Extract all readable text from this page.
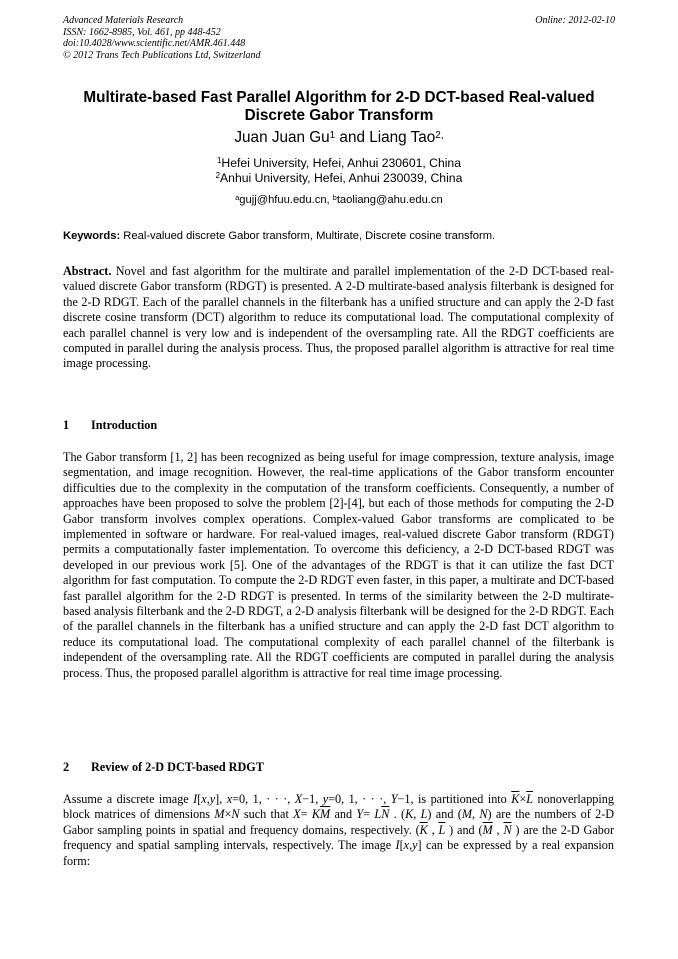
Advanced Materials Research
ISSN: 1662-8985, Vol. 461, pp 448-452
doi:10.4028/www.scientific.net/AMR.461.448
© 2012 Trans Tech Publications Ltd, Switzerland
Online: 2012-02-10
Multirate-based Fast Parallel Algorithm for 2-D DCT-based Real-valued Discrete Gabor Transform
Juan Juan Gu$^1$ and Liang Tao$^{2,}$
$^1$Hefei University, Hefei, Anhui 230601, China
$^2$Anhui University, Hefei, Anhui 230039, China
$^a$gujj@hfuu.edu.cn, $^b$taoliang@ahu.edu.cn
Keywords: Real-valued discrete Gabor transform, Multirate, Discrete cosine transform.
Abstract. Novel and fast algorithm for the multirate and parallel implementation of the 2-D DCT-based real-valued discrete Gabor transform (RDGT) is presented. A 2-D multirate-based analysis filterbank is designed for the 2-D RDGT. Each of the parallel channels in the filterbank has a unified structure and can apply the 2-D fast discrete cosine transform (DCT) algorithm to reduce its computational load. The computational complexity of each parallel channel is very low and is independent of the oversampling rate. All the RDGT coefficients are computed in parallel during the analysis process. Thus, the proposed parallel algorithm is attractive for real time image processing.
1 Introduction
The Gabor transform [1, 2] has been recognized as being useful for image compression, texture analysis, image segmentation, and image recognition. However, the real-time applications of the Gabor transform encounter difficulties due to the complexity in the computation of the transform coefficients. Consequently, a number of approaches have been proposed to solve the problem [2]-[4], but each of those methods for computing the 2-D Gabor transform involves complex operations. Complex-valued Gabor transforms are complicated to be implemented in software or hardware. For real-valued images, real-valued discrete Gabor transform (RDGT) permits a computationally faster implementation. To overcome this deficiency, a 2-D DCT-based RDGT was developed in our previous work [5]. One of the advantages of the RDGT is that it can utilize the fast DCT algorithm for fast computation. To compute the 2-D RDGT even faster, in this paper, a multirate and DCT-based fast parallel algorithm for the 2-D RDGT is presented. In terms of the similarity between the 2-D multirate-based analysis filterbank and the 2-D RDGT, a 2-D analysis filterbank will be designed for the 2-D RDGT. Each of the parallel channels in the filterbank has a unified structure and can apply the 2-D fast DCT algorithm to reduce its computational load. The computational complexity of each parallel channel of the filterbank is independent of the oversampling rate. All the RDGT coefficients are computed in parallel during the analysis process. Thus, the proposed parallel algorithm is attractive for real time image processing.
2 Review of 2-D DCT-based RDGT
Assume a discrete image I[x,y], x=0, 1, · · ·, X−1, y=0, 1, · · ·, Y−1, is partitioned into $\overline{K}\times\overline{L}$ nonoverlapping block matrices of dimensions M×N such that $X= K\overline{M}$ and $Y= L\overline{N}$ . (K, L) and (M, N) are the numbers of 2-D Gabor sampling points in spatial and frequency domains, respectively. ($\overline{K}$ , $\overline{L}$ ) and ($\overline{M}$ , $\overline{N}$ ) are the 2-D Gabor frequency and spatial sampling intervals, respectively. The image I[x,y] can be expressed by a real expansion form:
